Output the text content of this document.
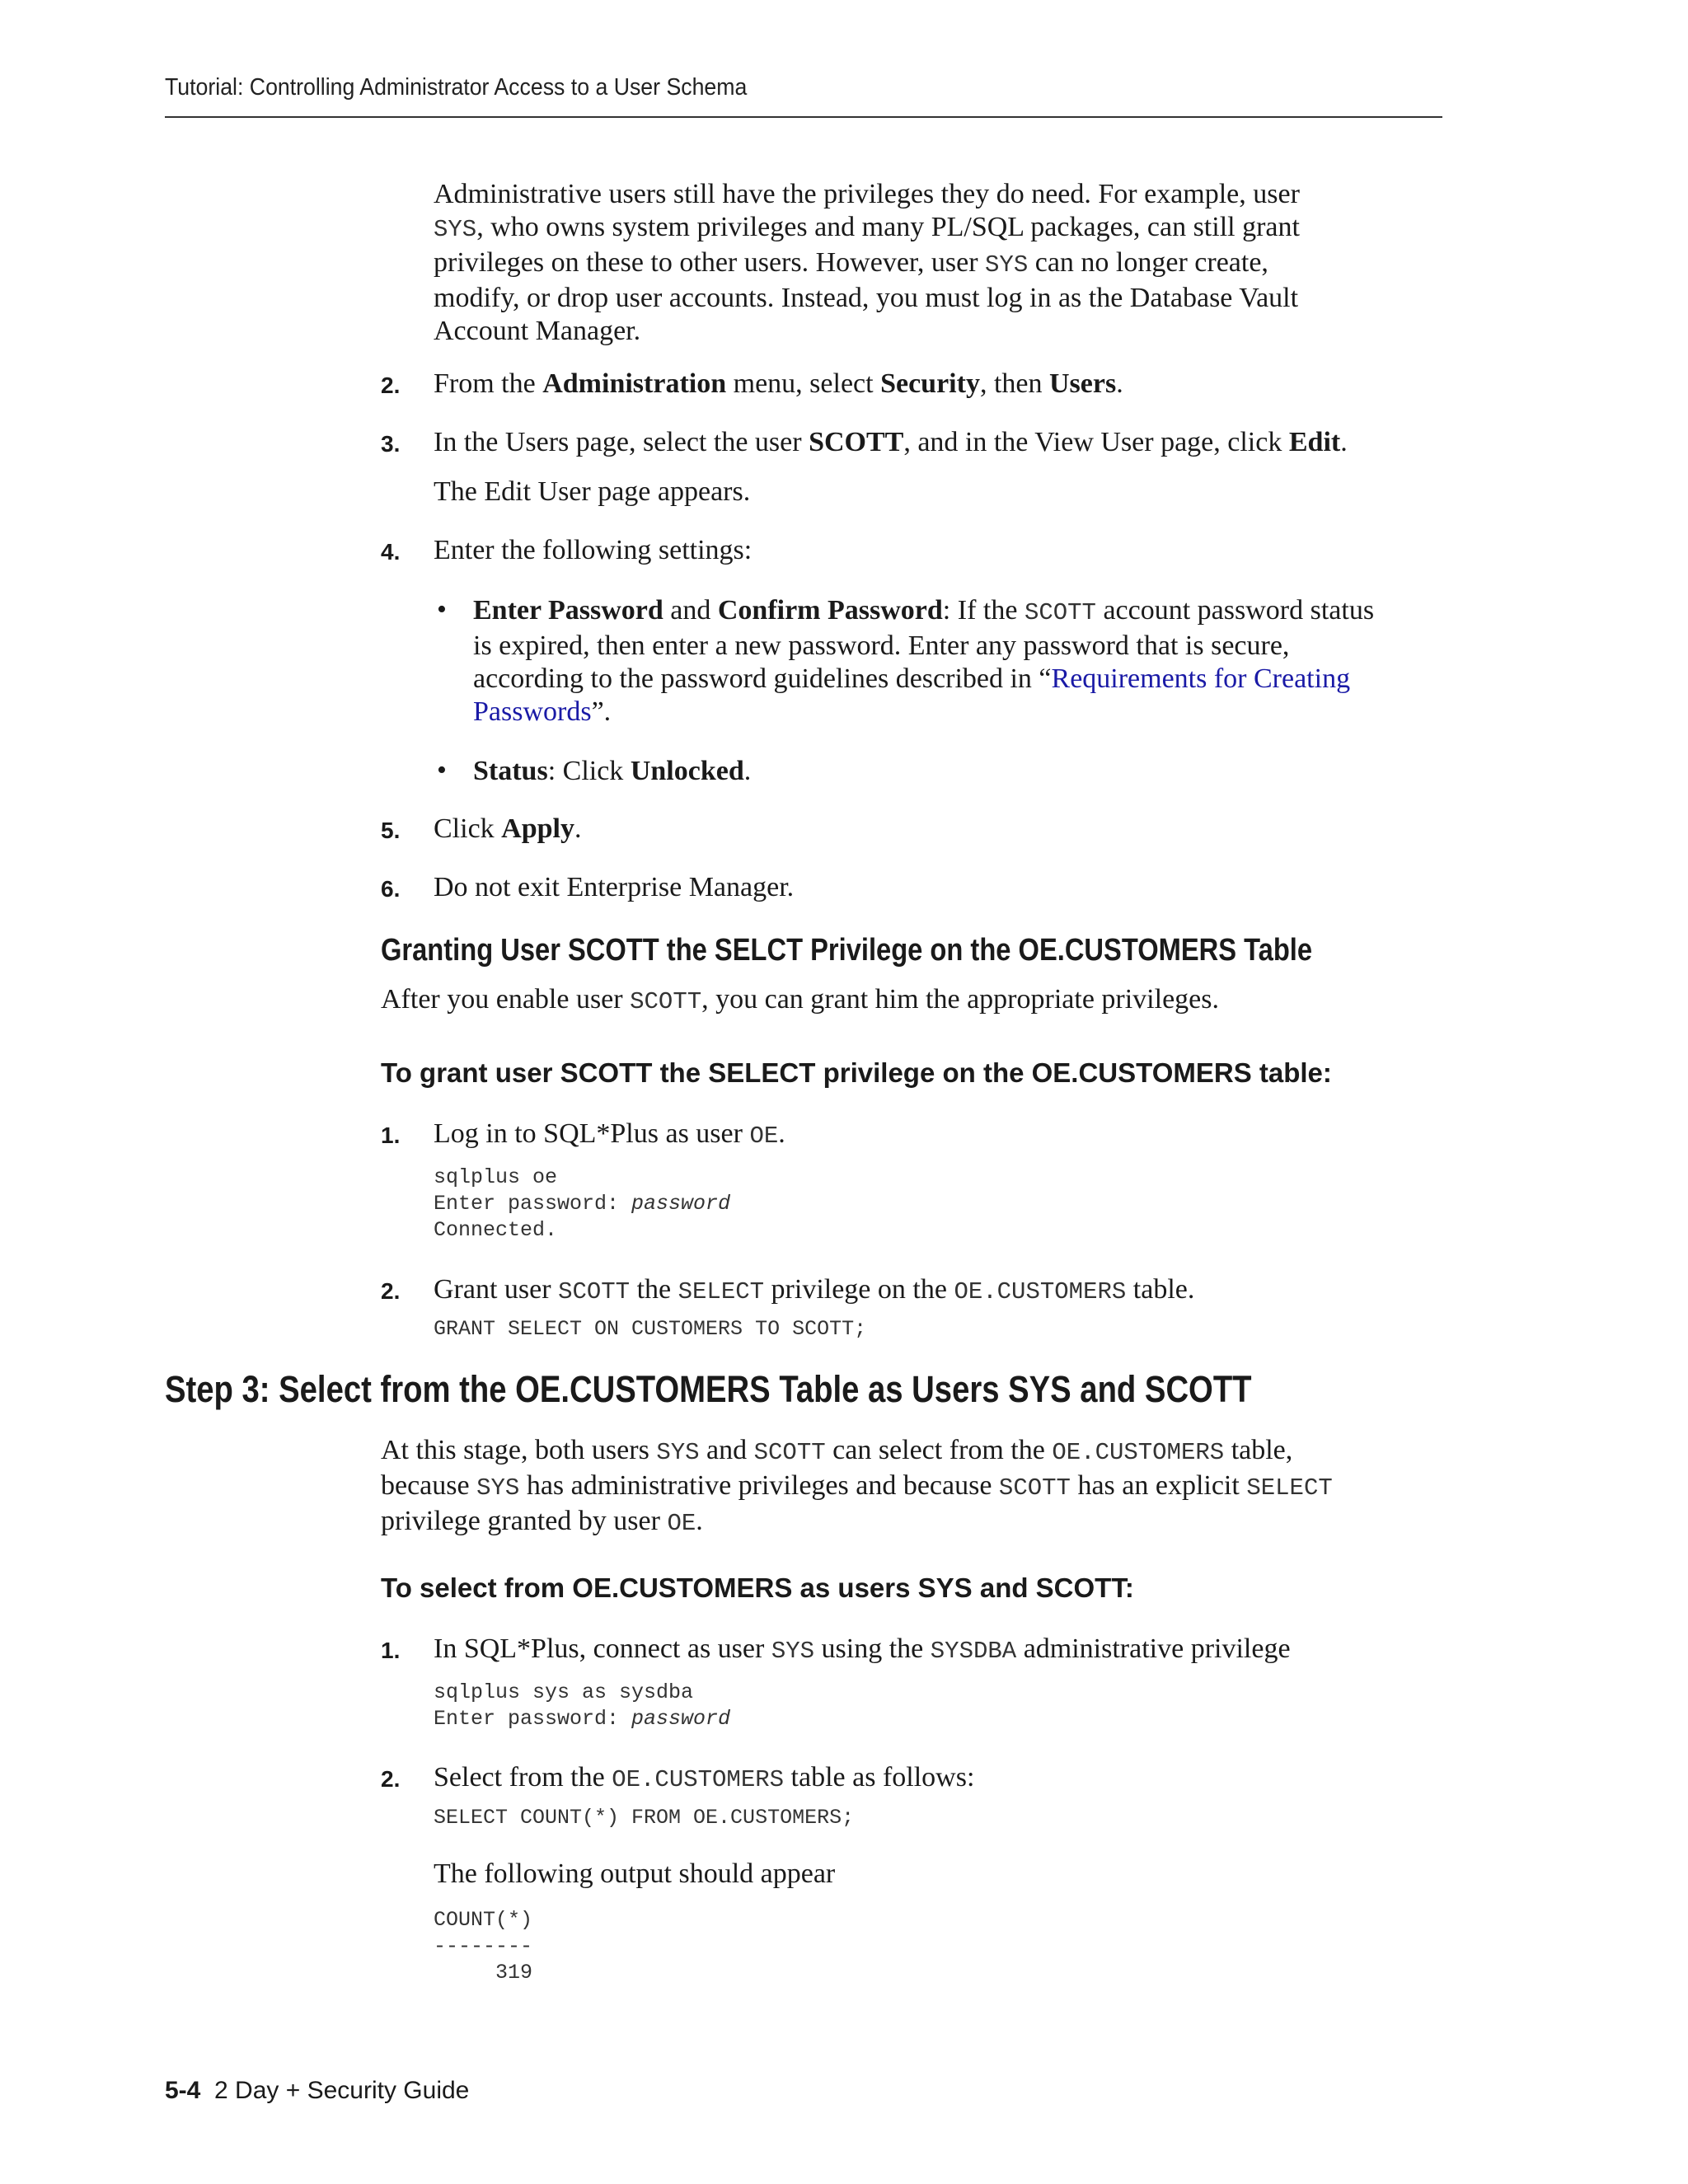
Tutorial: Controlling Administrator Access to a User Schema
Administrative users still have the privileges they do need. For example, user
SYS, who owns system privileges and many PL/SQL packages, can still grant
privileges on these to other users. However, user SYS can no longer create,
modify, or drop user accounts. Instead, you must log in as the Database Vault
Account Manager.
2. From the Administration menu, select Security, then Users.
3. In the Users page, select the user SCOTT, and in the View User page, click Edit.
The Edit User page appears.
4. Enter the following settings:
• Enter Password and Confirm Password: If the SCOTT account password status
is expired, then enter a new password. Enter any password that is secure,
according to the password guidelines described in “Requirements for Creating
Passwords”.
• Status: Click Unlocked.
5. Click Apply.
6. Do not exit Enterprise Manager.
Granting User SCOTT the SELCT Privilege on the OE.CUSTOMERS Table
After you enable user SCOTT, you can grant him the appropriate privileges.
To grant user SCOTT the SELECT privilege on the OE.CUSTOMERS table:
1. Log in to SQL*Plus as user OE.
sqlplus oe
Enter password: password
Connected.
2. Grant user SCOTT the SELECT privilege on the OE.CUSTOMERS table.
GRANT SELECT ON CUSTOMERS TO SCOTT;
Step 3: Select from the OE.CUSTOMERS Table as Users SYS and SCOTT
At this stage, both users SYS and SCOTT can select from the OE.CUSTOMERS table,
because SYS has administrative privileges and because SCOTT has an explicit SELECT
privilege granted by user OE.
To select from OE.CUSTOMERS as users SYS and SCOTT:
1. In SQL*Plus, connect as user SYS using the SYSDBA administrative privilege
sqlplus sys as sysdba
Enter password: password
2. Select from the OE.CUSTOMERS table as follows:
SELECT COUNT(*) FROM OE.CUSTOMERS;
The following output should appear
COUNT(*)
--------
319
5-4 2 Day + Security Guide
